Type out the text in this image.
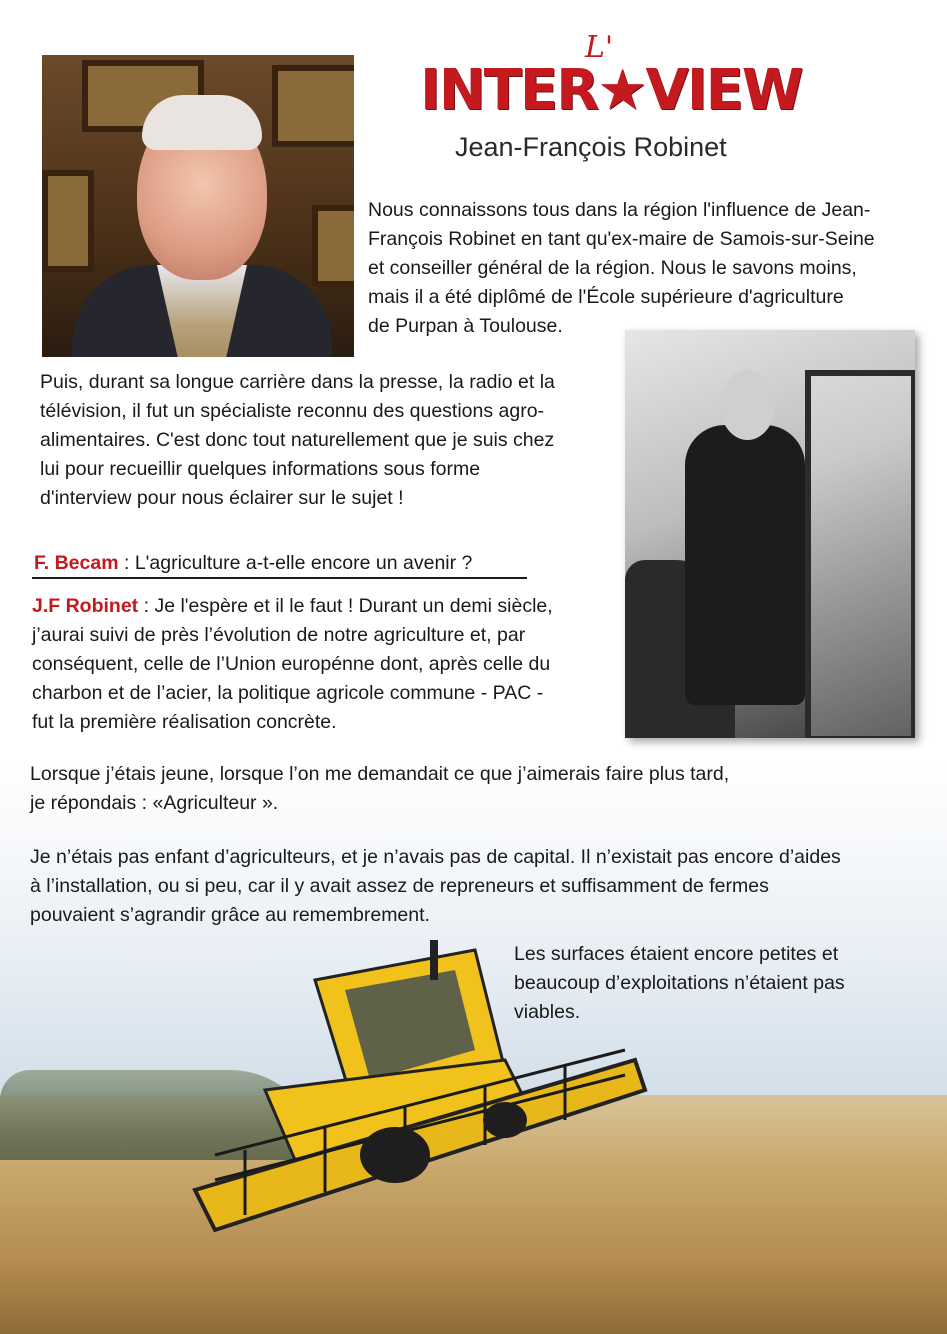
L'
INTER★VIEW
Jean-François Robinet
Nous connaissons tous dans la région l'influence de Jean-
François Robinet en tant qu'ex-maire de Samois-sur-Seine
et conseiller général de la région. Nous le savons moins,
mais il a été diplômé de l'École supérieure d'agriculture
de Purpan à Toulouse.
Puis, durant sa longue carrière dans la presse, la radio et la
télévision, il fut un spécialiste reconnu des questions agro-
alimentaires. C'est donc tout naturellement que je suis chez
lui pour recueillir quelques informations sous forme
d'interview pour nous éclairer sur le sujet !
F. Becam : L'agriculture a-t-elle encore un avenir ?
J.F Robinet : Je l'espère et il le faut ! Durant un demi siècle,
j’aurai suivi de près l’évolution de notre agriculture et, par
conséquent, celle de l’Union europénne dont, après celle du
charbon et de l’acier, la politique agricole commune - PAC -
fut la première réalisation concrète.
Lorsque j’étais jeune, lorsque l’on me demandait ce que j’aimerais faire plus tard,
je répondais : «Agriculteur ».
Je n’étais pas enfant d’agriculteurs, et je n’avais pas de capital. Il n’existait pas encore d’aides
à l’installation, ou si peu, car il y avait assez de repreneurs et suffisamment de fermes
pouvaient s’agrandir grâce au remembrement.
Les surfaces étaient encore petites et
beaucoup d’exploitations n’étaient pas
viables.
